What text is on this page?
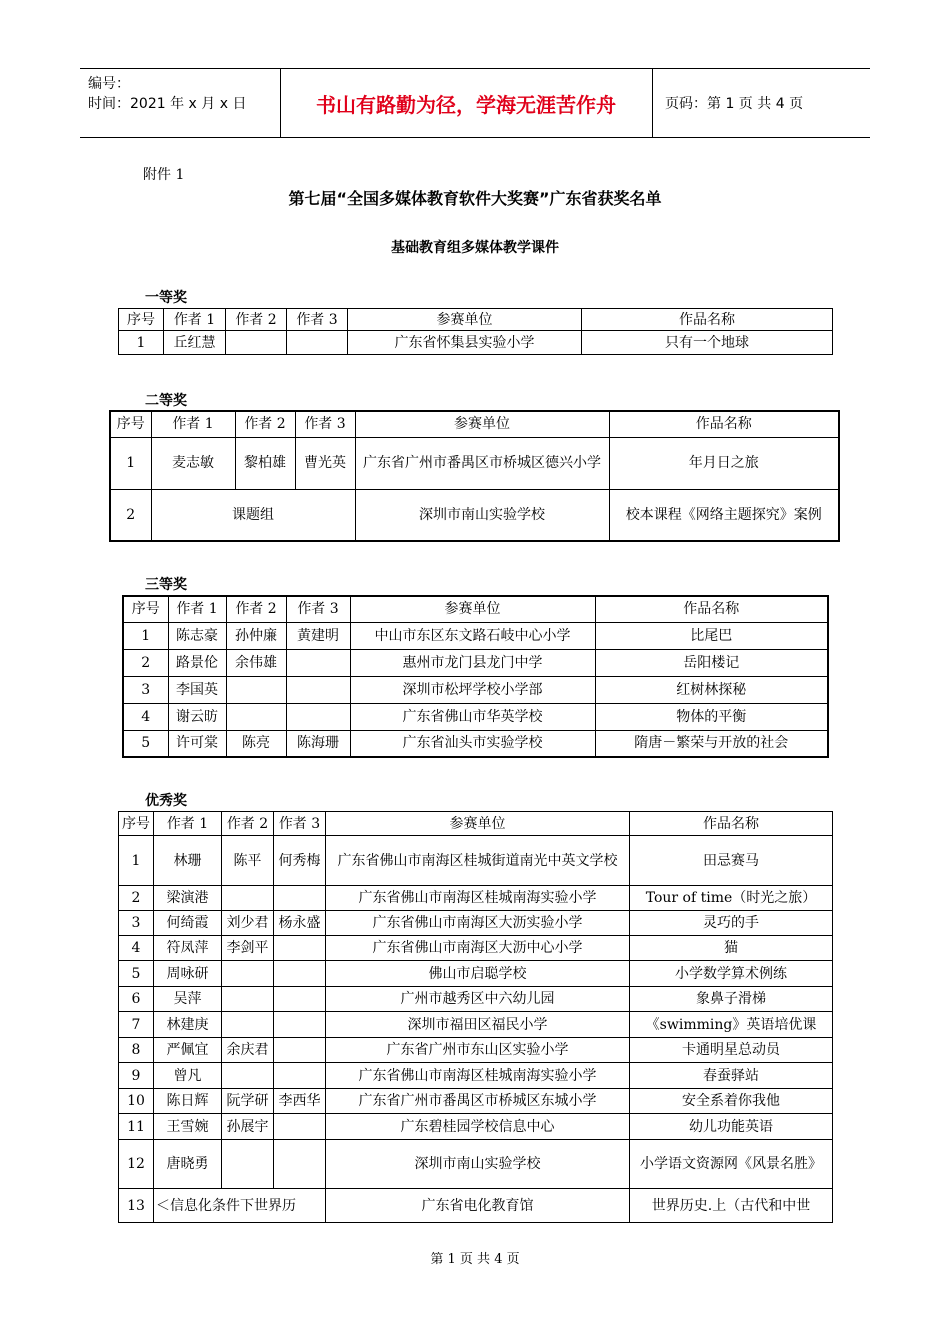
编号：
时间：2021 年 x 月 x 日	书山有路勤为径，学海无涯苦作舟	页码：第 1 页 共 4 页
附件 1
第七届“全国多媒体教育软件大奖赛”广东省获奖名单
基础教育组多媒体教学课件
一等奖
序号	作者 1	作者 2	作者 3	参赛单位	作品名称
1	丘红慧			广东省怀集县实验小学	只有一个地球
二等奖
序号	作者 1	作者 2	作者 3	参赛单位	作品名称
1	麦志敏	黎柏雄	曹光英	广东省广州市番禺区市桥城区德兴小学	年月日之旅
2	课题组			深圳市南山实验学校	校本课程《网络主题探究》案例
三等奖
序号	作者 1	作者 2	作者 3	参赛单位	作品名称
1	陈志豪	孙仲廉	黄建明	中山市东区东文路石岐中心小学	比尾巴
2	路景伦	余伟雄		惠州市龙门县龙门中学	岳阳楼记
3	李国英			深圳市松坪学校小学部	红树林探秘
4	谢云昉			广东省佛山市华英学校	物体的平衡
5	许可棠	陈亮	陈海珊	广东省汕头市实验学校	隋唐－繁荣与开放的社会
优秀奖
序号	作者 1	作者 2	作者 3	参赛单位	作品名称
1	林珊	陈平	何秀梅	广东省佛山市南海区桂城街道南光中英文学校	田忌赛马
2	梁演港			广东省佛山市南海区桂城南海实验小学	Tour of time（时光之旅）
3	何绮霞	刘少君	杨永盛	广东省佛山市南海区大沥实验小学	灵巧的手
4	符凤萍	李剑平		广东省佛山市南海区大沥中心小学	猫
5	周咏研			佛山市启聪学校	小学数学算术例练
6	吴萍			广州市越秀区中六幼儿园	象鼻子滑梯
7	林建庚			深圳市福田区福民小学	《swimming》英语培优课
8	严佩宜	余庆君		广东省广州市东山区实验小学	卡通明星总动员
9	曾凡			广东省佛山市南海区桂城南海实验小学	春蚕驿站
10	陈日辉	阮学研	李西华	广东省广州市番禺区市桥城区东城小学	安全系着你我他
11	王雪婉	孙展宇		广东碧桂园学校信息中心	幼儿功能英语
12	唐晓勇			深圳市南山实验学校	小学语文资源网《风景名胜》
13	＜信息化条件下世界历			广东省电化教育馆	世界历史.上（古代和中世
第 1 页 共 4 页
